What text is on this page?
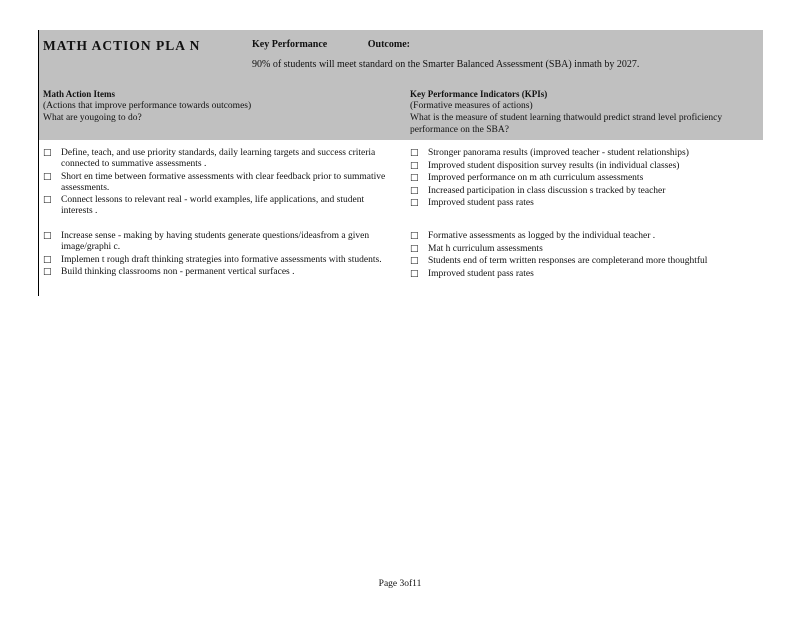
MATH ACTION PLA N	Key Performance	Outcome:
90% of students will meet standard on the Smarter Balanced Assessment (SBA) inmath by 2027.
Math Action Items
(Actions that improve performance towards outcomes)
What are yougoing to do?
Key Performance Indicators (KPIs)
(Formative measures of actions)
What is the measure of student learning thatwould predict strand level proficiency performance on the SBA?
□ Define, teach, and use priority standards, daily learning targets and success criteria connected to summative assessments .
□ Short en time between formative assessments with clear feedback prior to summative assessments.
□ Connect lessons to relevant real - world examples, life applications, and student interests .
□ Stronger panorama results (improved teacher - student relationships)
□ Improved student disposition survey results (in individual classes)
□ Improved performance on m ath curriculum assessments
□ Increased participation in class discussion s tracked by teacher
□ Improved student pass rates
□ Increase sense - making by having students generate questions/ideasfrom a given image/graphi c.
□ Implemen t rough draft thinking strategies into formative assessments with students.
□ Build thinking classrooms non - permanent vertical surfaces .
□ Formative assessments as logged by the individual teacher .
□ Mat h curriculum assessments
□ Students end of term written responses are completerand more thoughtful
□ Improved student pass rates
Page 3of11
